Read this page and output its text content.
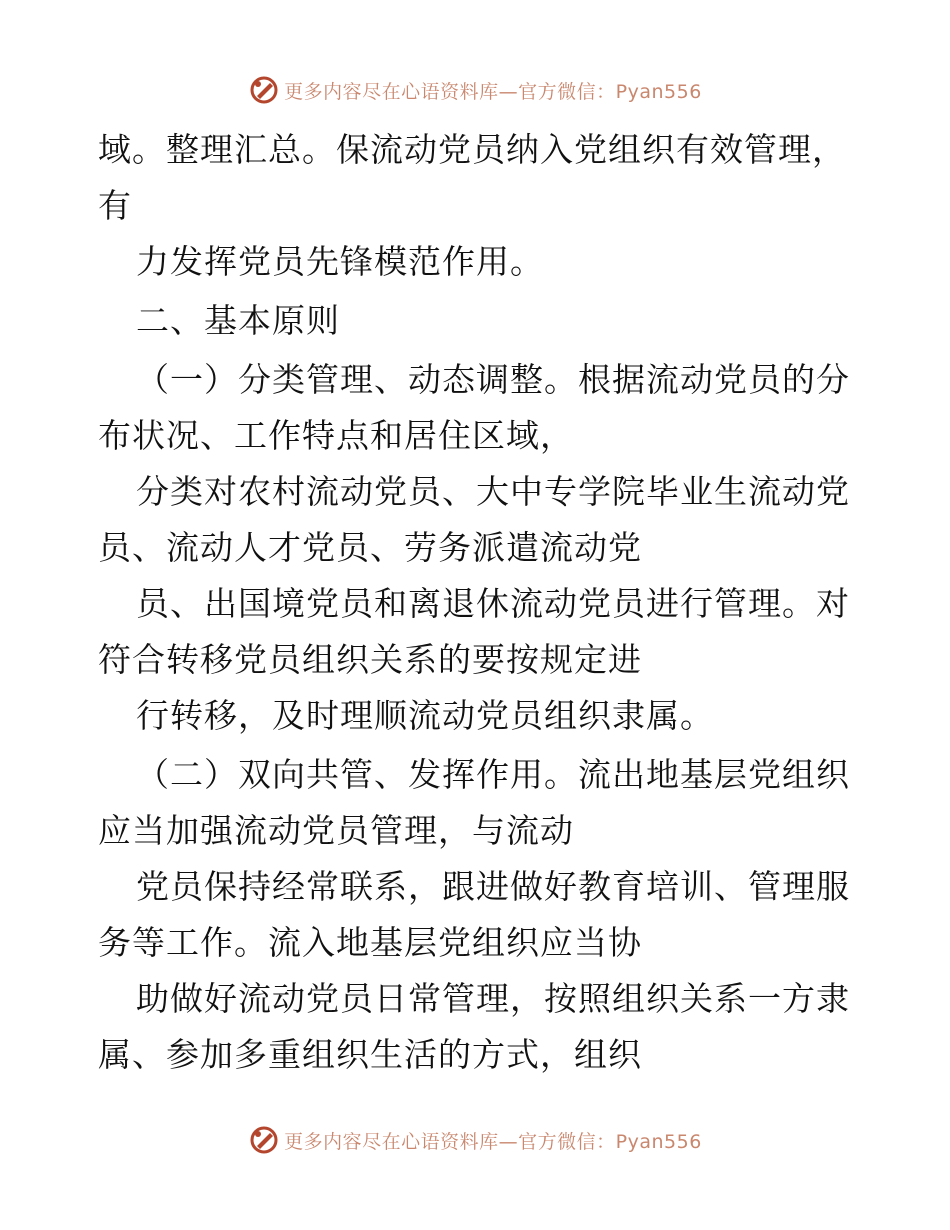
更多内容尽在心语资料库—官方微信：Pyan556
域。整理汇总。保流动党员纳入党组织有效管理，
有
力发挥党员先锋模范作用。
二、基本原则
（一）分类管理、动态调整。根据流动党员的分
布状况、工作特点和居住区域，
分类对农村流动党员、大中专学院毕业生流动党
员、流动人才党员、劳务派遣流动党
员、出国境党员和离退休流动党员进行管理。对
符合转移党员组织关系的要按规定进
行转移，及时理顺流动党员组织隶属。
（二）双向共管、发挥作用。流出地基层党组织
应当加强流动党员管理，与流动
党员保持经常联系，跟进做好教育培训、管理服
务等工作。流入地基层党组织应当协
助做好流动党员日常管理，按照组织关系一方隶
属、参加多重组织生活的方式，组织
更多内容尽在心语资料库—官方微信：Pyan556
